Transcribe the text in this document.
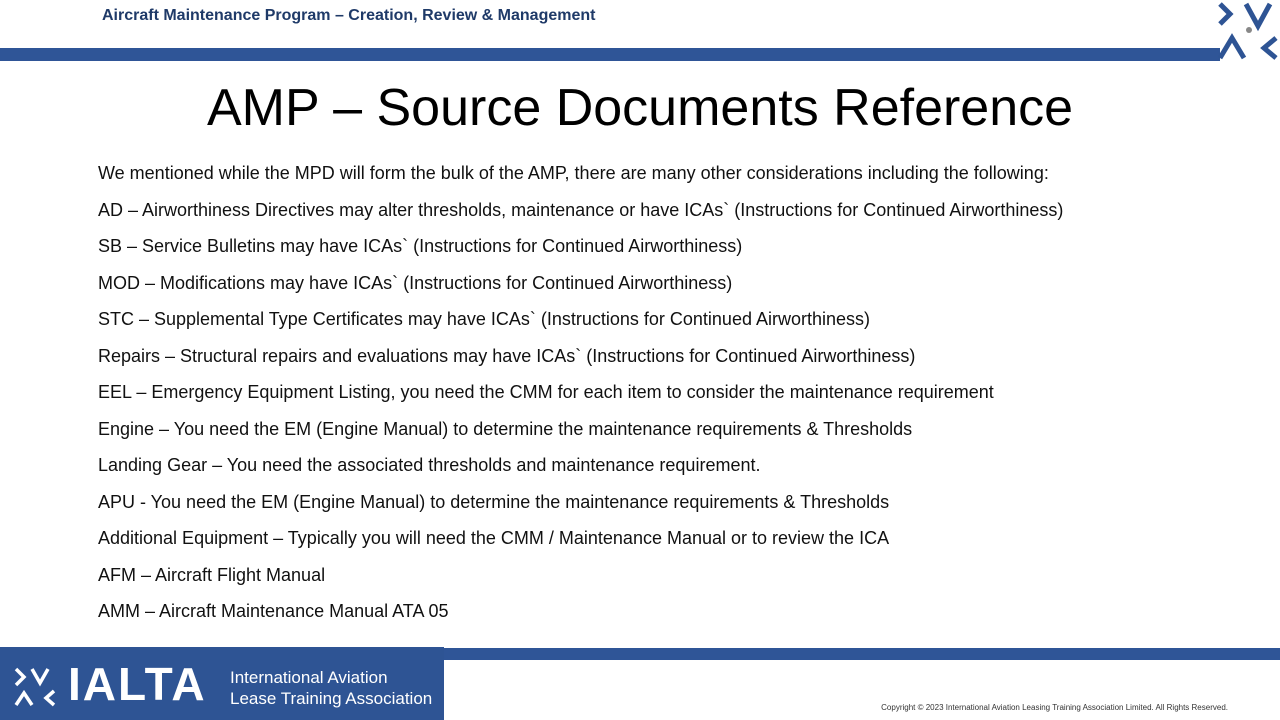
Aircraft Maintenance Program – Creation, Review & Management
AMP – Source Documents Reference
We mentioned while the MPD will form the bulk of the AMP, there are many other considerations including the following:
AD – Airworthiness Directives may alter thresholds, maintenance or have ICAs` (Instructions for Continued Airworthiness)
SB – Service Bulletins may have ICAs` (Instructions for Continued Airworthiness)
MOD – Modifications may have ICAs` (Instructions for Continued Airworthiness)
STC – Supplemental Type Certificates may have ICAs` (Instructions for Continued Airworthiness)
Repairs – Structural repairs and evaluations may have ICAs` (Instructions for Continued Airworthiness)
EEL – Emergency Equipment Listing, you need the CMM for each item to consider the maintenance requirement
Engine – You need the EM (Engine Manual) to determine the maintenance requirements & Thresholds
Landing Gear – You need the associated thresholds and maintenance requirement.
APU - You need the EM (Engine Manual) to determine the maintenance requirements & Thresholds
Additional Equipment – Typically you will need the CMM / Maintenance Manual or to review the ICA
AFM – Aircraft Flight Manual
AMM – Aircraft Maintenance Manual ATA 05
IALTA International Aviation
Lease Training Association	Copyright © 2023 International Aviation Leasing Training Association Limited. All Rights Reserved.
